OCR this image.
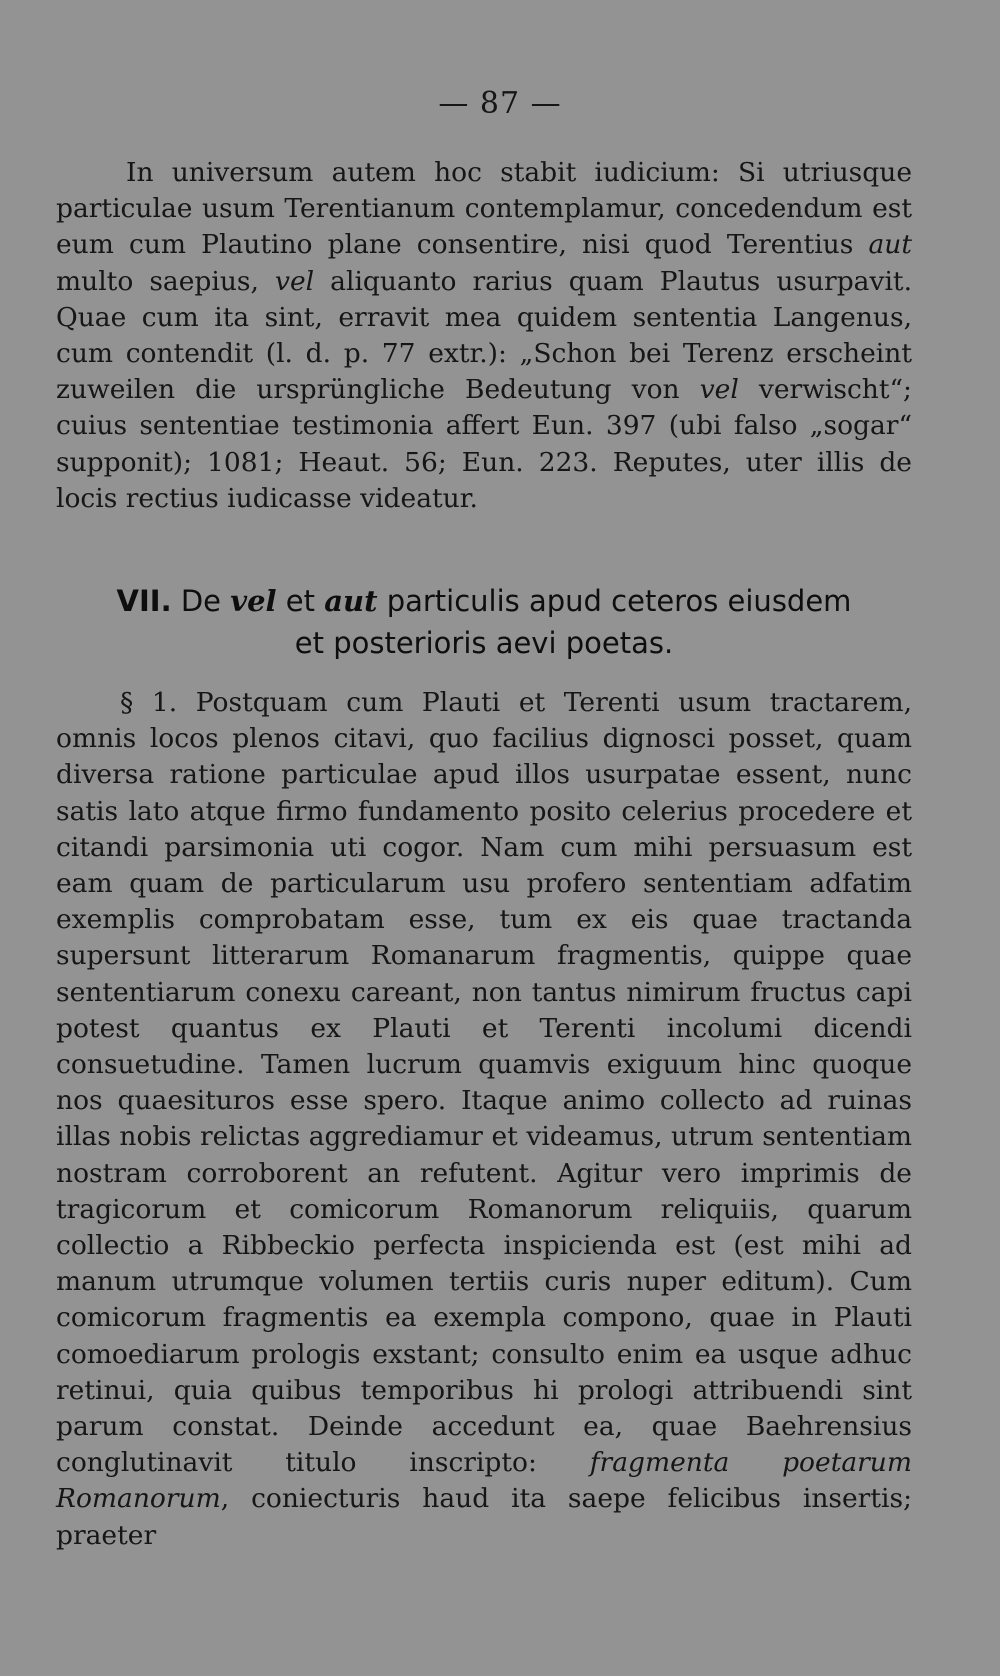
— 87 —

In universum autem hoc stabit iudicium: Si utriusque particulae usum Terentianum contemplamur, concedendum est eum cum Plautino plane consentire, nisi quod Terentius aut multo saepius, vel aliquanto rarius quam Plautus usurpavit. Quae cum ita sint, erravit mea quidem sententia Langenus, cum contendit (l. d. p. 77 extr.): „Schon bei Terenz erscheint zuweilen die ursprüngliche Bedeutung von vel verwischt“; cuius sententiae testimonia affert Eun. 397 (ubi falso „sogar“ supponit); 1081; Heaut. 56; Eun. 223. Reputes, uter illis de locis rectius iudicasse videatur.

VII. De vel et aut particulis apud ceteros eiusdem
et posterioris aevi poetas.

§ 1. Postquam cum Plauti et Terenti usum tractarem, omnis locos plenos citavi, quo facilius dignosci posset, quam diversa ratione particulae apud illos usurpatae essent, nunc satis lato atque firmo fundamento posito celerius procedere et citandi parsimonia uti cogor. Nam cum mihi persuasum est eam quam de particularum usu profero sententiam adfatim exemplis comprobatam esse, tum ex eis quae tractanda supersunt litterarum Romanarum fragmentis, quippe quae sententiarum conexu careant, non tantus nimirum fructus capi potest quantus ex Plauti et Terenti incolumi dicendi consuetudine. Tamen lucrum quamvis exiguum hinc quoque nos quaesituros esse spero. Itaque animo collecto ad ruinas illas nobis relictas aggrediamur et videamus, utrum sententiam nostram corroborent an refutent. Agitur vero imprimis de tragicorum et comicorum Romanorum reliquiis, quarum collectio a Ribbeckio perfecta inspicienda est (est mihi ad manum utrumque volumen tertiis curis nuper editum). Cum comicorum fragmentis ea exempla compono, quae in Plauti comoediarum prologis exstant; consulto enim ea usque adhuc retinui, quia quibus temporibus hi prologi attribuendi sint parum constat. Deinde accedunt ea, quae Baehrensius conglutinavit titulo inscripto: fragmenta poetarum Romanorum, coniecturis haud ita saepe felicibus insertis; praeter
